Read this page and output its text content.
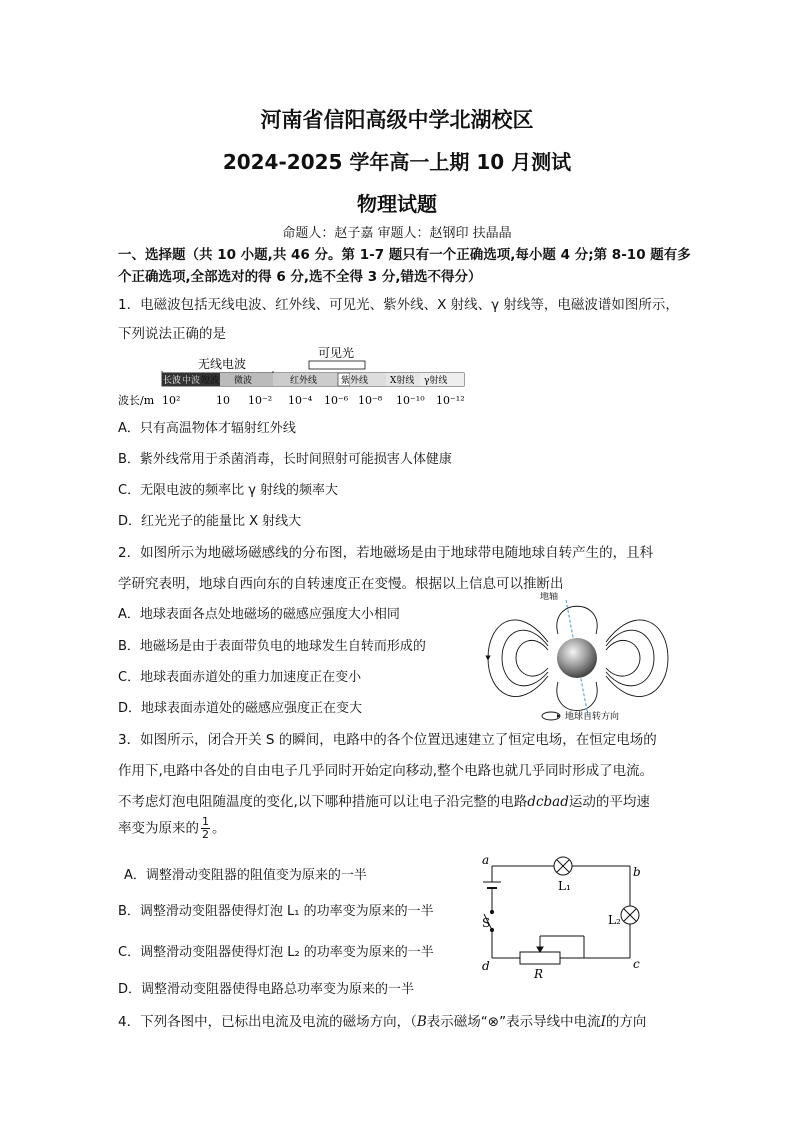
河南省信阳高级中学北湖校区
2024-2025 学年高一上期 10 月测试
物理试题
命题人：赵子嘉 审题人：赵钢印 扶晶晶
一、选择题（共 10 小题,共 46 分。第 1-7 题只有一个正确选项,每小题 4 分;第 8-10 题有多
个正确选项,全部选对的得 6 分,选不全得 3 分,错选不得分）
1．电磁波包括无线电波、红外线、可见光、紫外线、X 射线、γ 射线等，电磁波谱如图所示，
下列说法正确的是
无线电波
可见光
长波 中波 短波 微波	红外线	紫外线 X射线 γ射线
波长/m 10²	10 10⁻² 10⁻⁴ 10⁻⁶ 10⁻⁸ 10⁻¹⁰ 10⁻¹²
A．只有高温物体才辐射红外线
B．紫外线常用于杀菌消毒，长时间照射可能损害人体健康
C．无限电波的频率比 γ 射线的频率大
D．红光光子的能量比 X 射线大
2．如图所示为地磁场磁感线的分布图，若地磁场是由于地球带电随地球自转产生的，且科
学研究表明，地球自西向东的自转速度正在变慢。根据以上信息可以推断出
A．地球表面各点处地磁场的磁感应强度大小相同
B．地磁场是由于表面带负电的地球发生自转而形成的
C．地球表面赤道处的重力加速度正在变小
D．地球表面赤道处的磁感应强度正在变大
地轴
地球自转方向
3．如图所示，闭合开关 S 的瞬间，电路中的各个位置迅速建立了恒定电场，在恒定电场的
作用下,电路中各处的自由电子几乎同时开始定向移动,整个电路也就几乎同时形成了电流。
不考虑灯泡电阻随温度的变化,以下哪种措施可以让电子沿完整的电路dcbad运动的平均速
率变为原来的 $\frac{1}{2}$ 。
A．调整滑动变阻器的阻值变为原来的一半
B．调整滑动变阻器使得灯泡 L₁ 的功率变为原来的一半
C．调整滑动变阻器使得灯泡 L₂ 的功率变为原来的一半
D．调整滑动变阻器使得电路总功率变为原来的一半
a
b
c
d
L₁
L₂
S
R
4．下列各图中，已标出电流及电流的磁场方向，（B表示磁场“⊗”表示导线中电流I的方向
